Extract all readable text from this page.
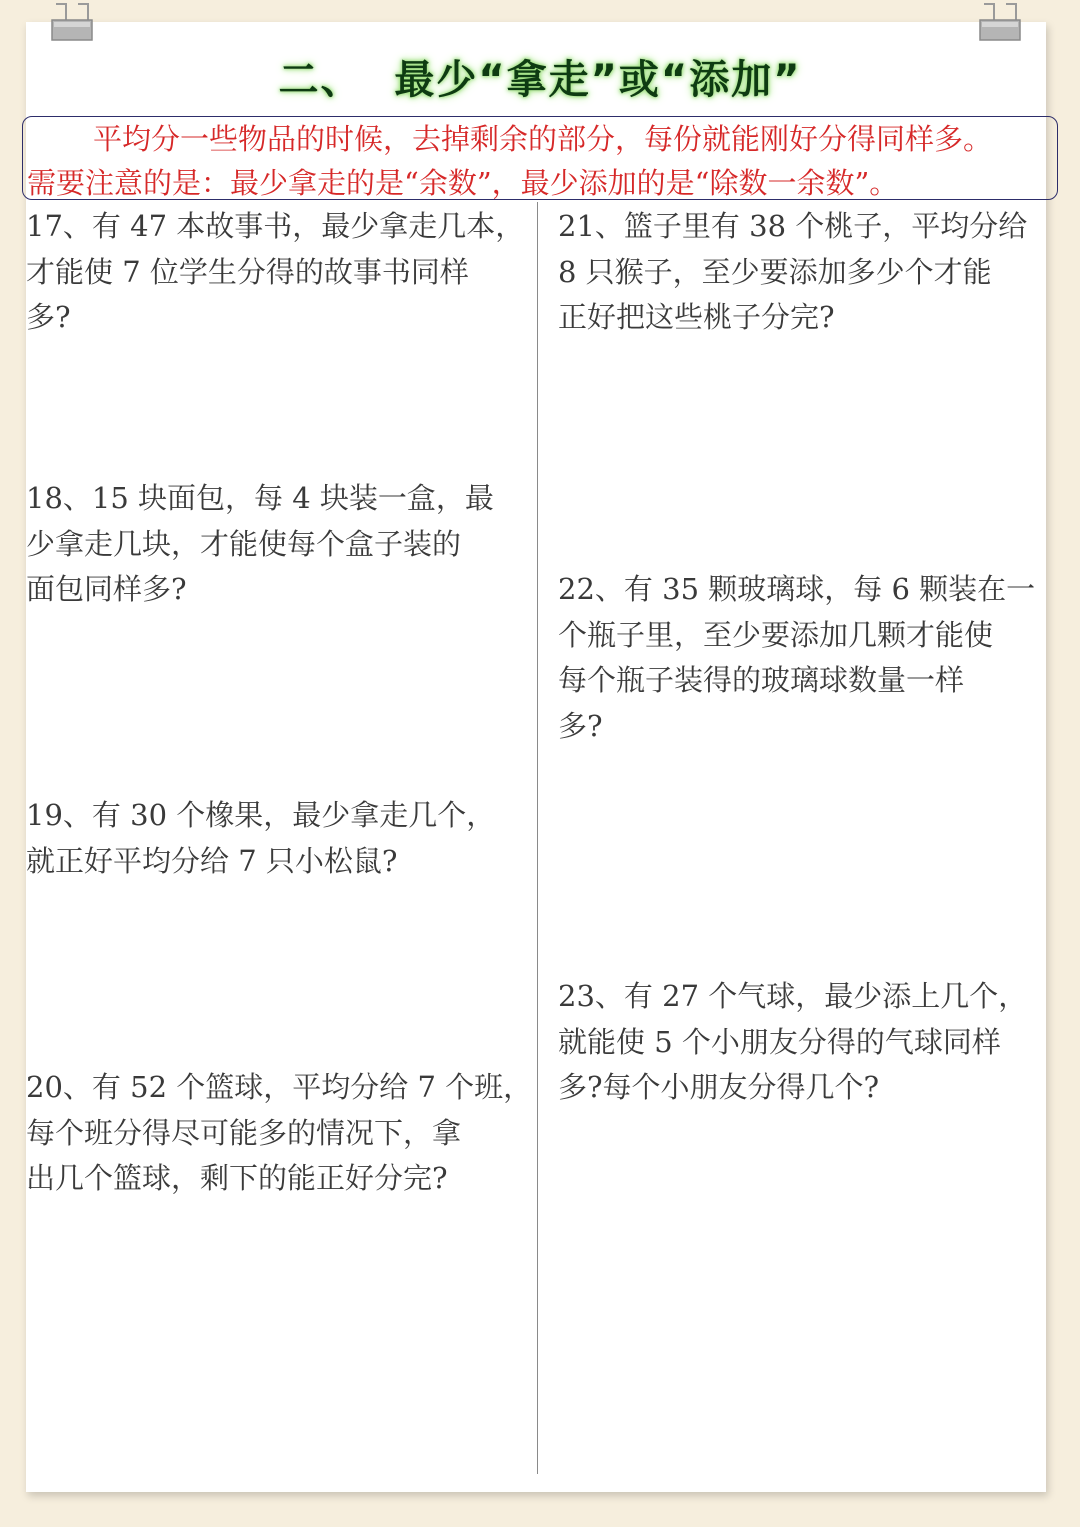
二、  最少“拿走”或“添加”
平均分一些物品的时候，去掉剩余的部分，每份就能刚好分得同样多。
需要注意的是：最少拿走的是“余数”，最少添加的是“除数一余数”。
17、有 47 本故事书，最少拿走几本，
才能使 7 位学生分得的故事书同样
多?
18、15 块面包，每 4 块装一盒，最
少拿走几块，才能使每个盒子装的
面包同样多?
19、有 30 个橡果，最少拿走几个，
就正好平均分给 7 只小松鼠?
20、有 52 个篮球，平均分给 7 个班，
每个班分得尽可能多的情况下，拿
出几个篮球，剩下的能正好分完?
21、篮子里有 38 个桃子，平均分给
8 只猴子，至少要添加多少个才能
正好把这些桃子分完?
22、有 35 颗玻璃球，每 6 颗装在一
个瓶子里，至少要添加几颗才能使
每个瓶子装得的玻璃球数量一样
多?
23、有 27 个气球，最少添上几个，
就能使 5 个小朋友分得的气球同样
多?每个小朋友分得几个?
